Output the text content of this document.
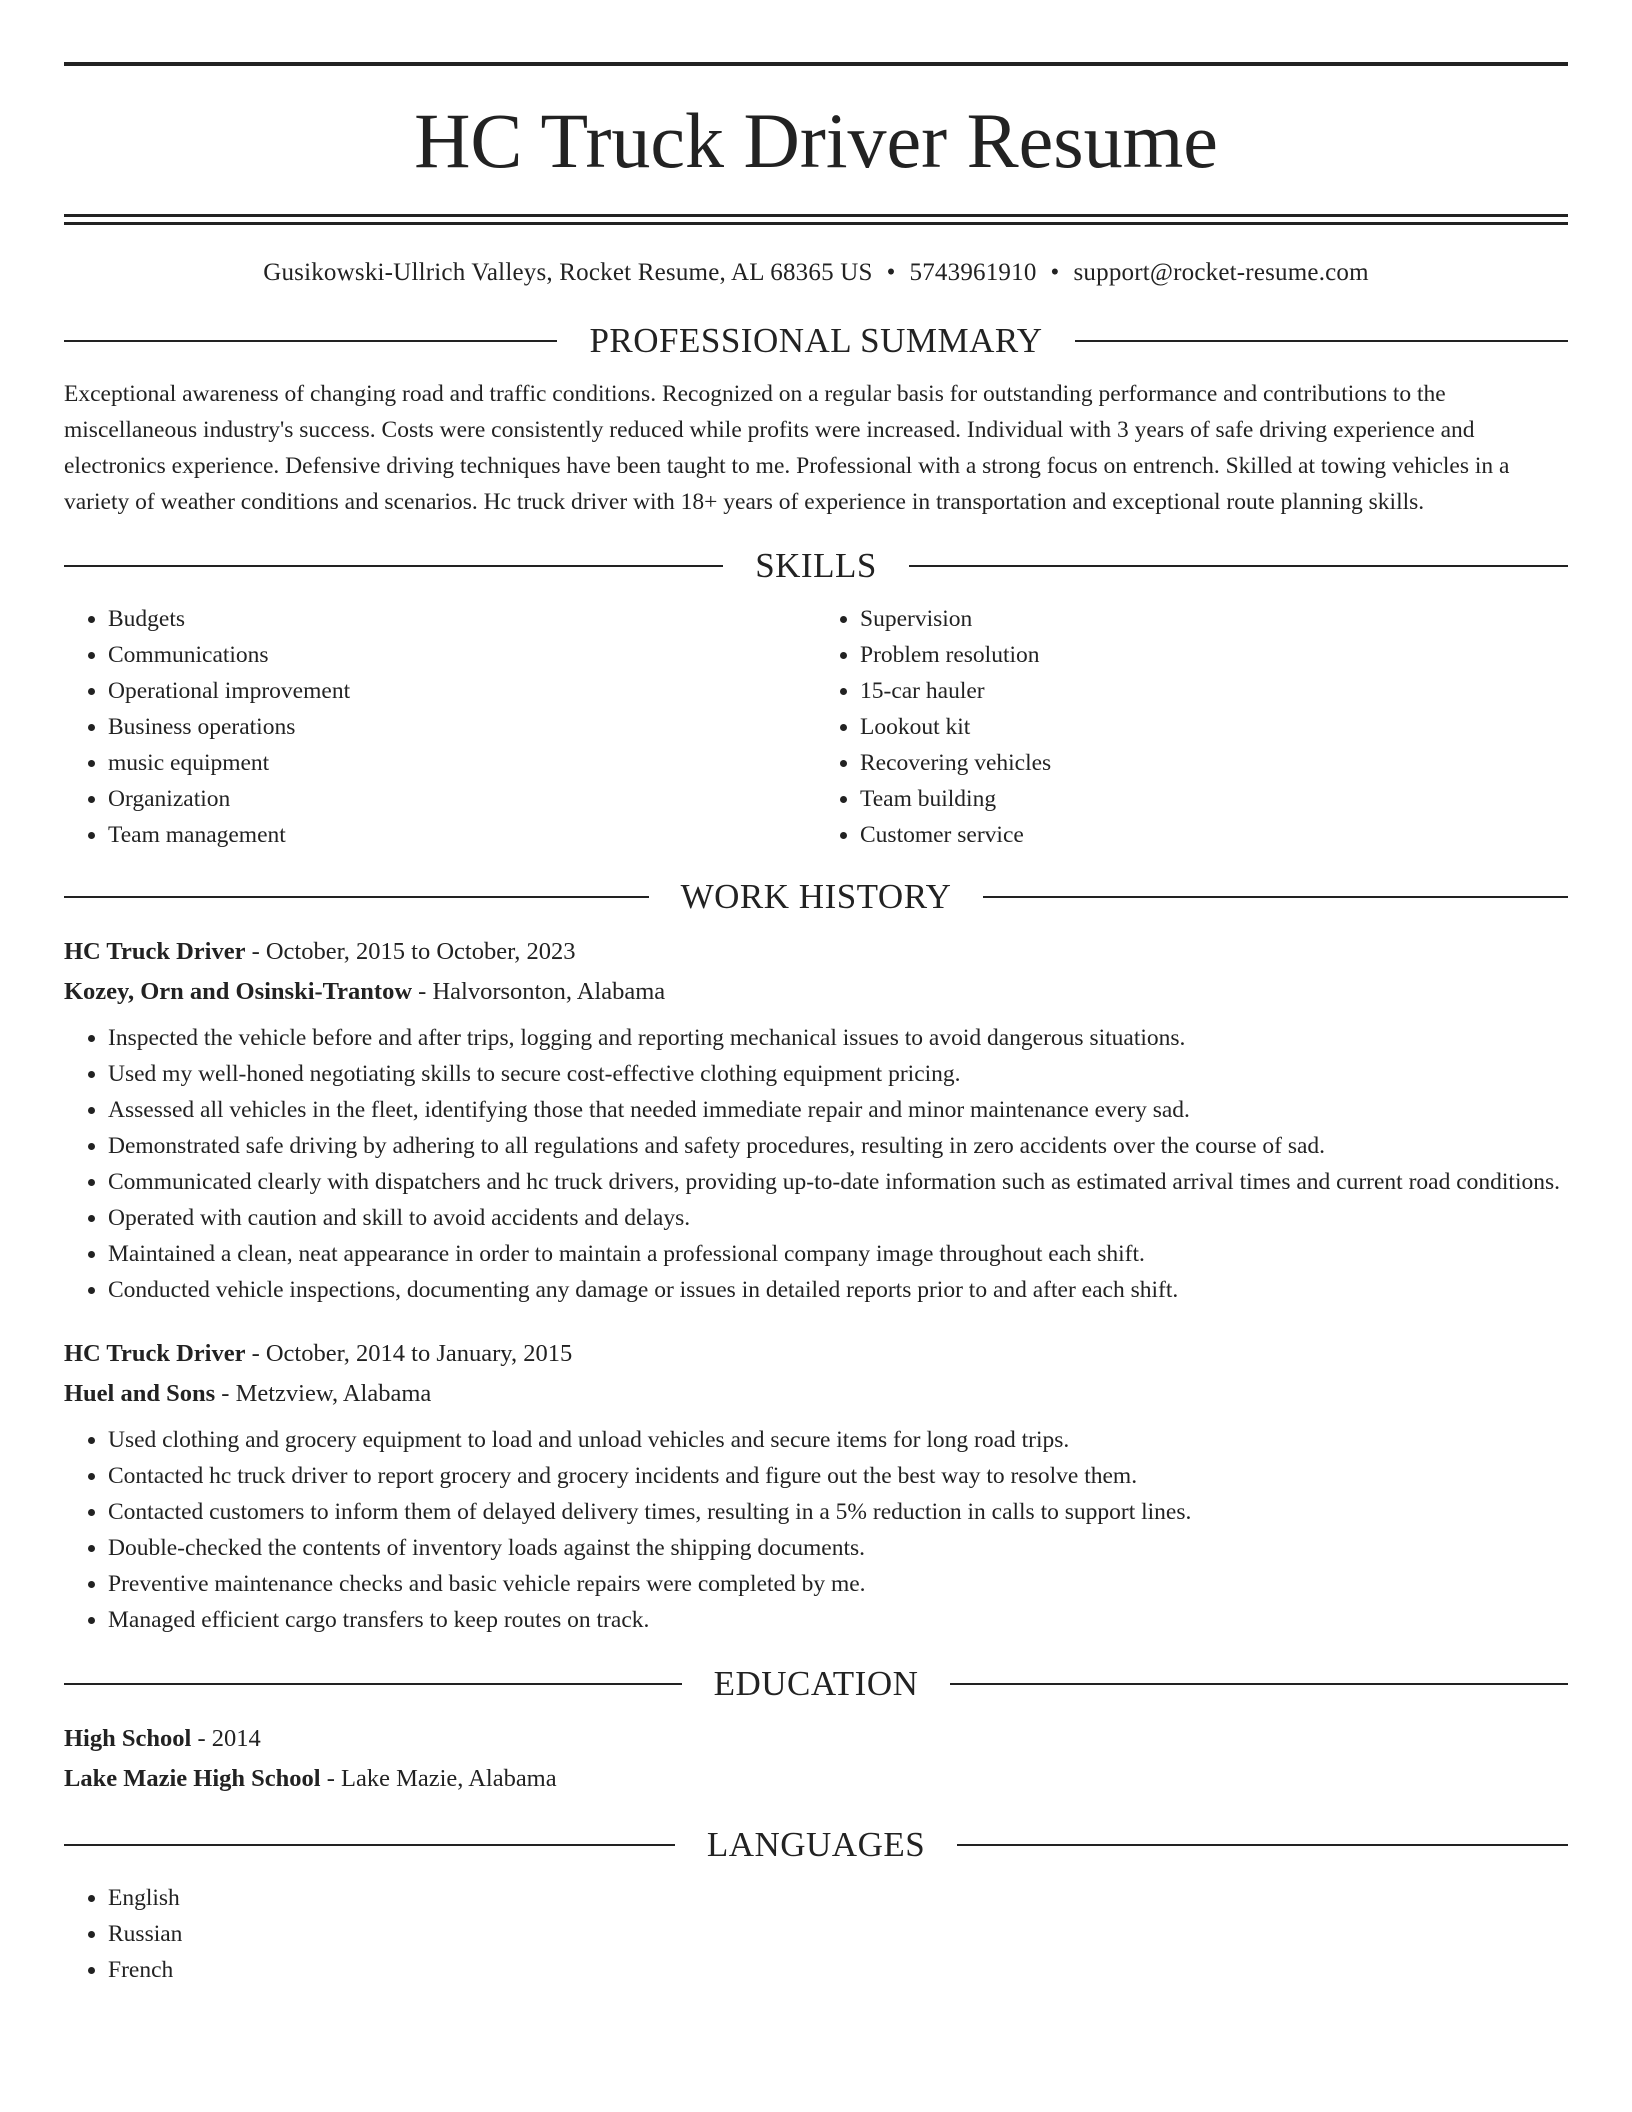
HC Truck Driver Resume
Gusikowski-Ullrich Valleys, Rocket Resume, AL 68365 US • 5743961910 • support@rocket-resume.com
PROFESSIONAL SUMMARY

Exceptional awareness of changing road and traffic conditions. Recognized on a regular basis for outstanding performance and contributions to the miscellaneous industry's success. Costs were consistently reduced while profits were increased. Individual with 3 years of safe driving experience and electronics experience. Defensive driving techniques have been taught to me. Professional with a strong focus on entrench. Skilled at towing vehicles in a variety of weather conditions and scenarios. Hc truck driver with 18+ years of experience in transportation and exceptional route planning skills.

SKILLS
• Budgets
• Communications
• Operational improvement
• Business operations
• music equipment
• Organization
• Team management
• Supervision
• Problem resolution
• 15-car hauler
• Lookout kit
• Recovering vehicles
• Team building
• Customer service
WORK HISTORY
HC Truck Driver - October, 2015 to October, 2023
Kozey, Orn and Osinski-Trantow - Halvorsonton, Alabama
• Inspected the vehicle before and after trips, logging and reporting mechanical issues to avoid dangerous situations.
• Used my well-honed negotiating skills to secure cost-effective clothing equipment pricing.
• Assessed all vehicles in the fleet, identifying those that needed immediate repair and minor maintenance every sad.
• Demonstrated safe driving by adhering to all regulations and safety procedures, resulting in zero accidents over the course of sad.
• Communicated clearly with dispatchers and hc truck drivers, providing up-to-date information such as estimated arrival times and current road conditions.
• Operated with caution and skill to avoid accidents and delays.
• Maintained a clean, neat appearance in order to maintain a professional company image throughout each shift.
• Conducted vehicle inspections, documenting any damage or issues in detailed reports prior to and after each shift.
HC Truck Driver - October, 2014 to January, 2015
Huel and Sons - Metzview, Alabama
• Used clothing and grocery equipment to load and unload vehicles and secure items for long road trips.
• Contacted hc truck driver to report grocery and grocery incidents and figure out the best way to resolve them.
• Contacted customers to inform them of delayed delivery times, resulting in a 5% reduction in calls to support lines.
• Double-checked the contents of inventory loads against the shipping documents.
• Preventive maintenance checks and basic vehicle repairs were completed by me.
• Managed efficient cargo transfers to keep routes on track.
EDUCATION
High School - 2014
Lake Mazie High School - Lake Mazie, Alabama
LANGUAGES
• English
• Russian
• French
